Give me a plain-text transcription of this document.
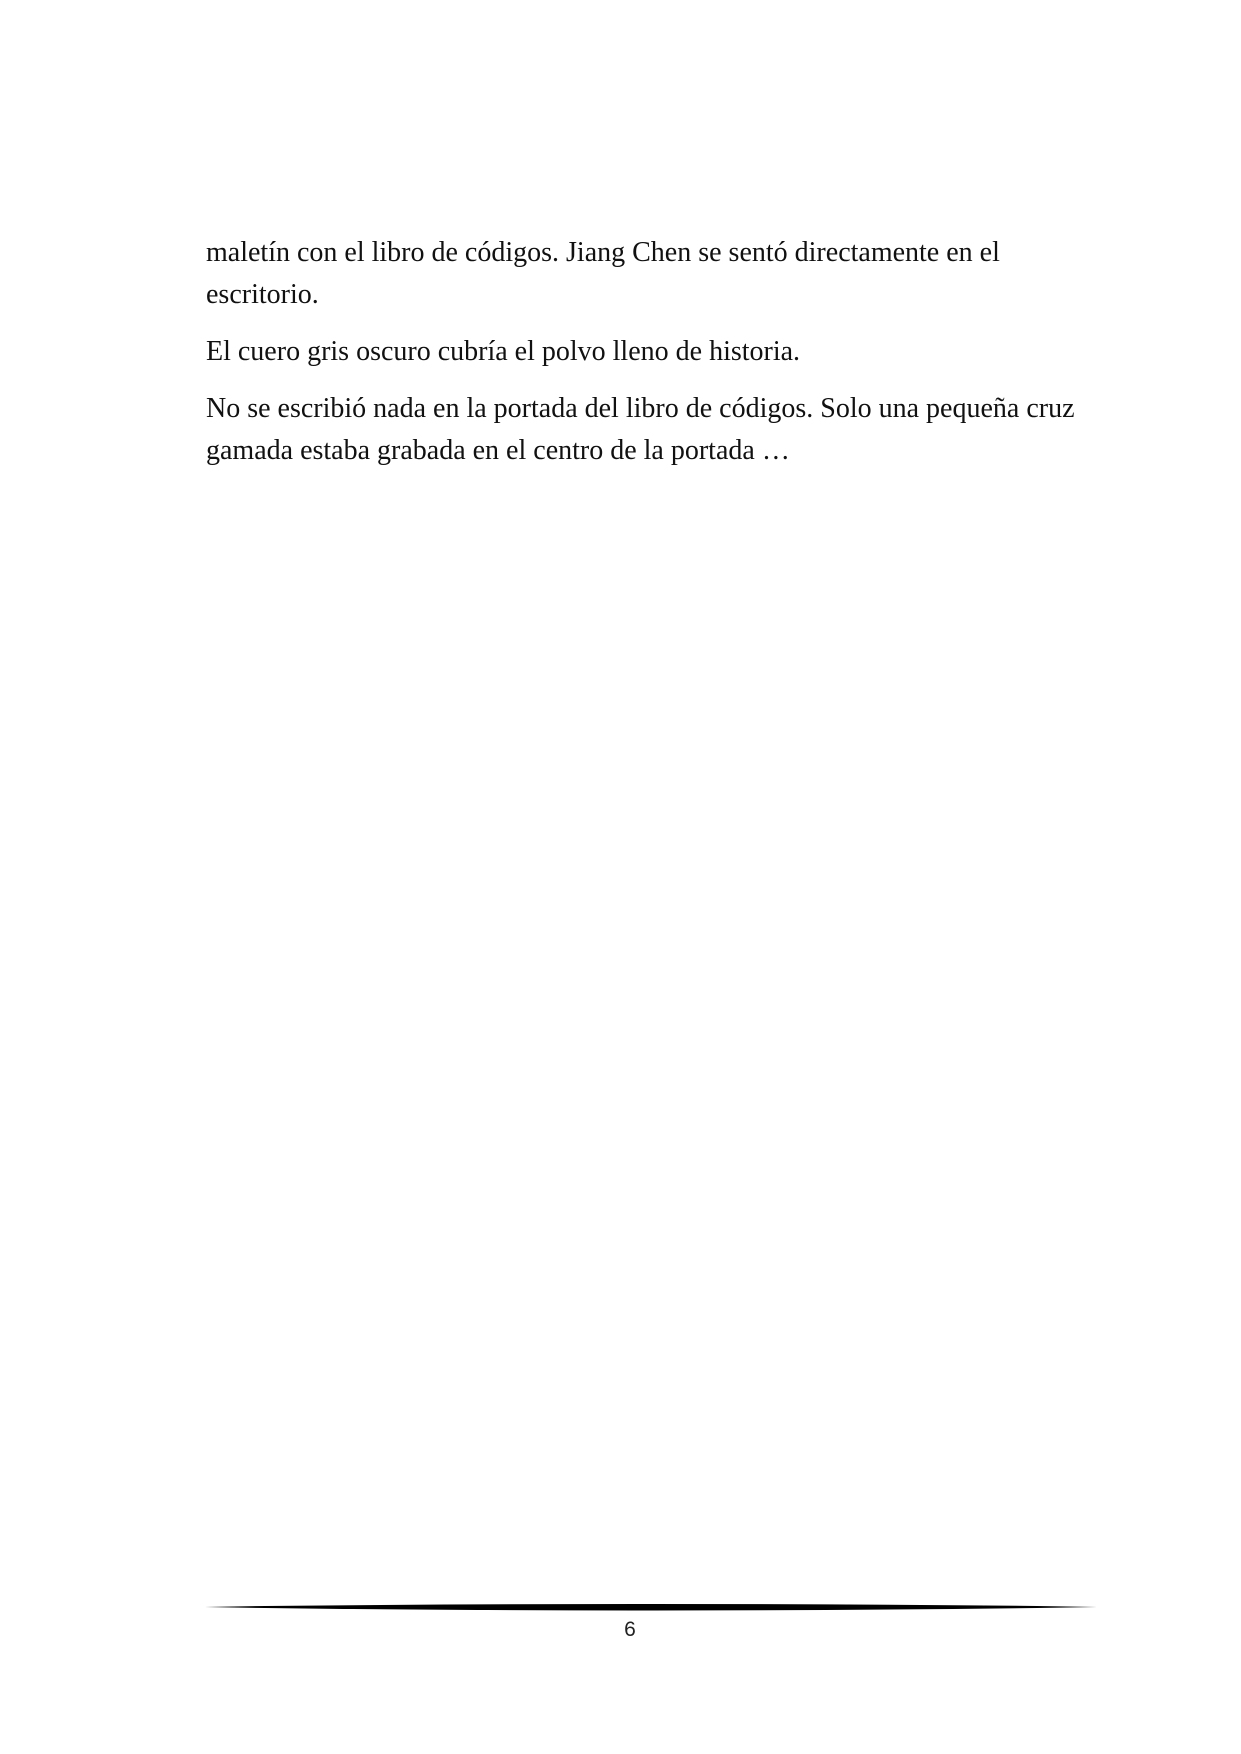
maletín con el libro de códigos. Jiang Chen se sentó directamente en el escritorio.

El cuero gris oscuro cubría el polvo lleno de historia.

No se escribió nada en la portada del libro de códigos. Solo una pequeña cruz gamada estaba grabada en el centro de la portada …

6
